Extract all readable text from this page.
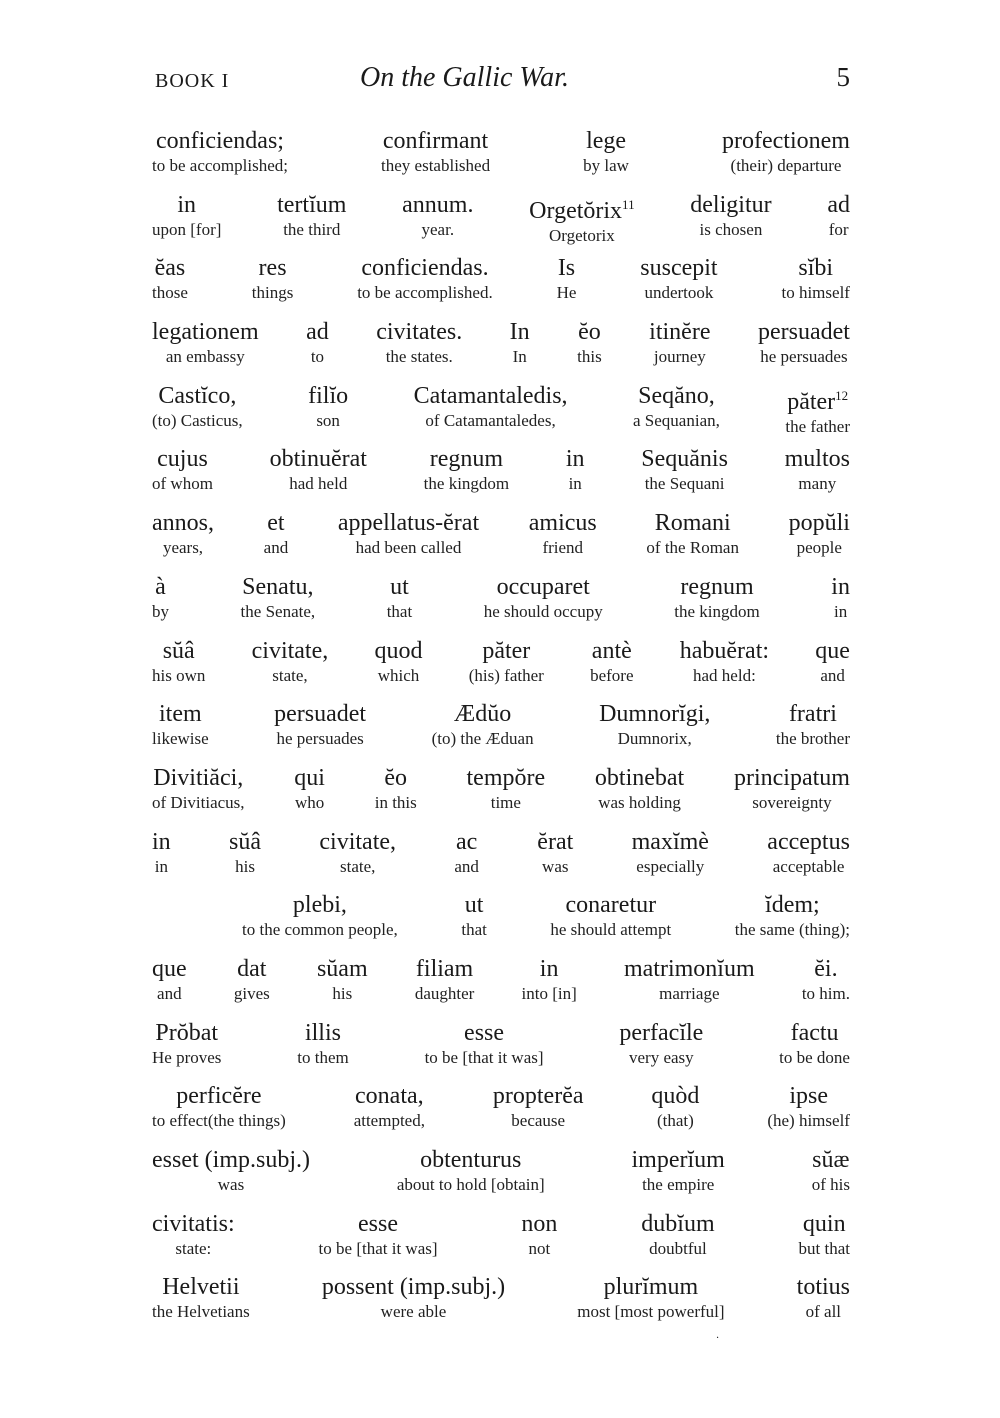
BOOK I	On the Gallic War.	5
conficiendas;
to be accomplished;
confirmant
they established
lege
by law
profectionem
(their) departure
in
upon [for]
tertĭum
the third
annum.
year.
Orgetŏrix$^{11}$
Orgetorix
deligitur
is chosen
ad
for
ĕas
those
res
things
conficiendas.
to be accomplished.
Is
He
suscepit
undertook
sĭbi
to himself
legationem
an embassy
ad
to
civitates.
the states.
In
In
ĕo
this
itinĕre
journey
persuadet
he persuades
Castĭco,
(to) Casticus,
filĭo
son
Catamantaledis,
of Catamantaledes,
Seqăno,
a Sequanian,
păter$^{12}$
the father
cujus
of whom
obtinuĕrat
had held
regnum
the kingdom
in
in
Sequănis
the Sequani
multos
many
annos,
years,
et
and
appellatus-ĕrat
had been called
amicus
friend
Romani
of the Roman
popŭli
people
à
by
Senatu,
the Senate,
ut
that
occuparet
he should occupy
regnum
the kingdom
in
in
sŭâ
his own
civitate,
state,
quod
which
păter
(his) father
antè
before
habuĕrat:
had held:
que
and
item
likewise
persuadet
he persuades
Ædŭo
(to) the Æduan
Dumnorĭgi,
Dumnorix,
fratri
the brother
Divitiăci,
of Divitiacus,
qui
who
ĕo
in this
tempŏre
time
obtinebat
was holding
principatum
sovereignty
in
in
sŭâ
his
civitate,
state,
ac
and
ĕrat
was
maxĭmè
especially
acceptus
acceptable
plebi,
to the common people,
ut
that
conaretur
he should attempt
ĭdem;
the same (thing);
que
and
dat
gives
sŭam
his
filiam
daughter
in
into [in]
matrimonĭum
marriage
ĕi.
to him.
Prŏbat
He proves
illis
to them
esse
to be [that it was]
perfacĭle
very easy
factu
to be done
perficĕre
to effect(the things)
conata,
attempted,
propterĕa
because
quòd
(that)
ipse
(he) himself
esset (imp.subj.)
was
obtenturus
about to hold [obtain]
imperĭum
the empire
sŭæ
of his
civitatis:
state:
esse
to be [that it was]
non
not
dubĭum
doubtful
quin
but that
Helvetii
the Helvetians
possent (imp.subj.)
were able
plurĭmum
most [most powerful]
totius
of all
·
